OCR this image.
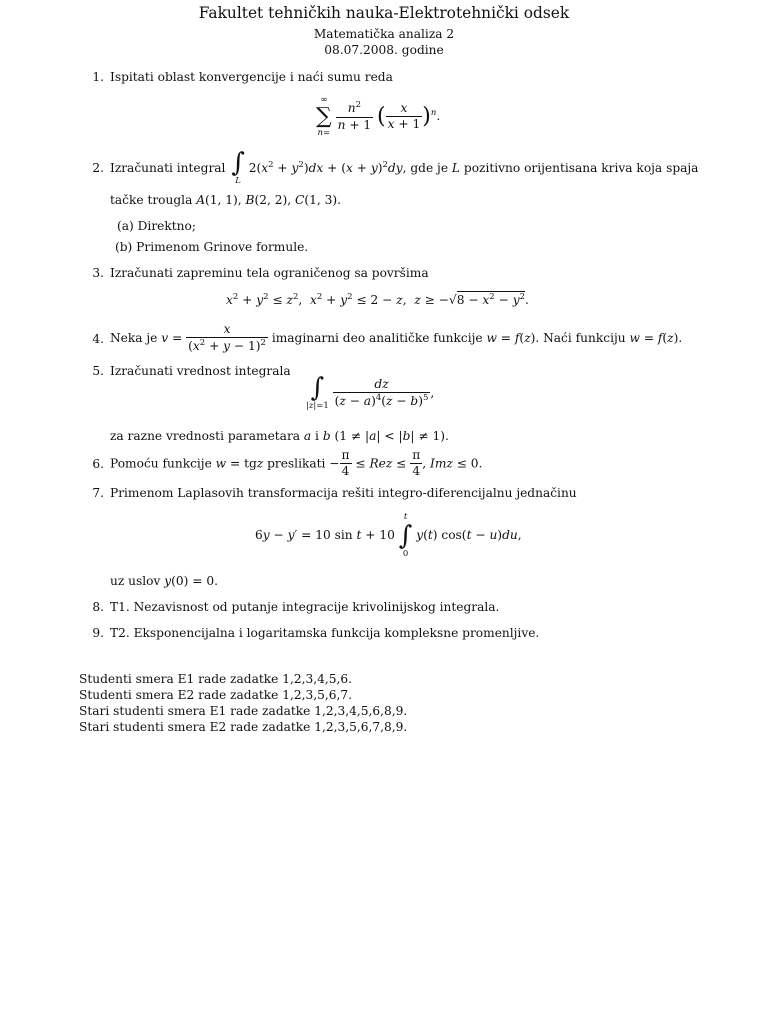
Fakultet tehničkih nauka-Elektrotehnički odsek
Matematička analiza 2
08.07.2008. godine
1. Ispitati oblast konvergencije i naći sumu reda
∞
∑
n=
$\frac{n^2}{n + 1}$ ( $\frac{x}{x + 1} )^n$.
2. Izračunati integral ∫
L
$2(x^2 + y^2)dx + (x + y)^2dy$, gde je L pozitivno orijentisana kriva koja spaja
tačke trougla A(1, 1), B(2, 2), C(1, 3).
(a) Direktno;
(b) Primenom Grinove formule.
3. Izračunati zapreminu tela ograničenog sa površima
$x^2 + y^2 \le z^2$,  $x^2 + y^2 \le 2 - z$,  $z \ge -√8 - x^2 - y^2$.
4. Neka je $v = \frac{x}{(x^2 + y - 1)^2}$ imaginarni deo analitičke funkcije w = f(z). Naći funkciju w = f(z).
5. Izračunati vrednost integrala
∫
|z|=1
$\frac{dz}{(z - a)^4(z - b)^5}$ ,
za razne vrednosti parametara a i b (1 ≠ |a| < |b| ≠ 1).
6. Pomoću funkcije w = tgz preslikati − $\frac{\pi}{4}$ ≤ Rez ≤ $\frac{\pi}{4}$ , Imz ≤ 0.
7. Primenom Laplasovih transformacija rešiti integro-diferencijalnu jednačinu
6y − y′ = 10 sin t + 10
t
∫
0
y(t) cos(t − u)du,
uz uslov y(0) = 0.
8. T1. Nezavisnost od putanje integracije krivolinijskog integrala.
9. T2. Eksponencijalna i logaritamska funkcija kompleksne promenljive.
Studenti smera E1 rade zadatke 1,2,3,4,5,6.
Studenti smera E2 rade zadatke 1,2,3,5,6,7.
Stari studenti smera E1 rade zadatke 1,2,3,4,5,6,8,9.
Stari studenti smera E2 rade zadatke 1,2,3,5,6,7,8,9.
